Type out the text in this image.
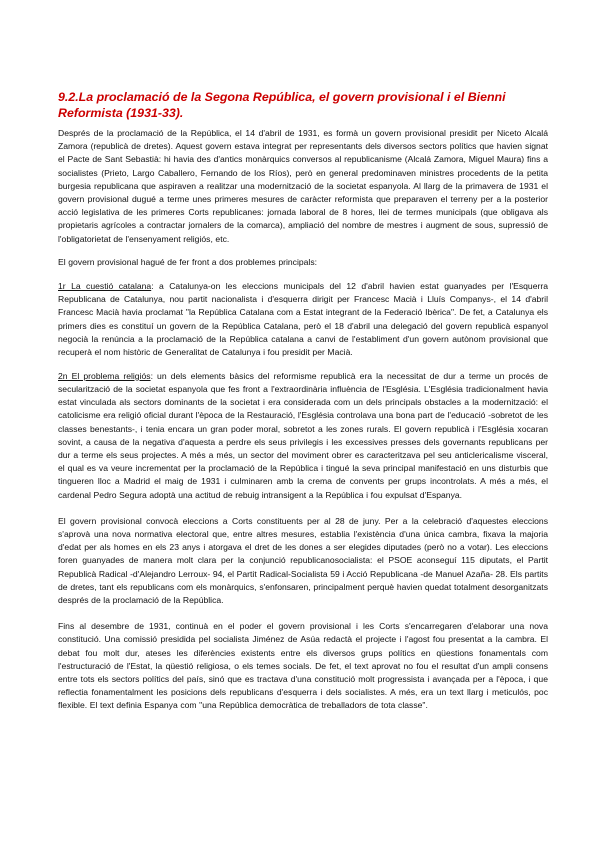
9.2.La proclamació de la Segona República, el govern provisional i el Bienni Reformista (1931-33).

Després de la proclamació de la República, el 14 d'abril de 1931, es formà un govern provisional presidit per Niceto Alcalá Zamora (republicà de dretes). Aquest govern estava integrat per representants dels diversos sectors polítics que havien signat el Pacte de Sant Sebastià: hi havia des d'antics monàrquics conversos al republicanisme (Alcalá Zamora, Miguel Maura) fins a socialistes (Prieto, Largo Caballero, Fernando de los Ríos), però en general predominaven ministres procedents de la petita burgesia republicana que aspiraven a realitzar una modernització de la societat espanyola. Al llarg de la primavera de 1931 el govern provisional dugué a terme unes primeres mesures de caràcter reformista que preparaven el terreny per a la posterior acció legislativa de les primeres Corts republicanes: jornada laboral de 8 hores, llei de termes municipals (que obligava als propietaris agrícoles a contractar jornalers de la comarca), ampliació del nombre de mestres i augment de sous, supressió de l'obligatorietat de l'ensenyament religiós, etc.

El govern provisional hagué de fer front a dos problemes principals:

1r La cuestió catalana: a Catalunya-on les eleccions municipals del 12 d'abril havien estat guanyades per l'Esquerra Republicana de Catalunya, nou partit nacionalista i d'esquerra dirigit per Francesc Macià i Lluís Companys-, el 14 d'abril Francesc Macià havia proclamat "la República Catalana com a Estat integrant de la Federació Ibèrica". De fet, a Catalunya els primers dies es constituí un govern de la República Catalana, però el 18 d'abril una delegació del govern republicà espanyol negocià la renúncia a la proclamació de la República catalana a canvi de l'establiment d'un govern autònom provisional que recuperà el nom històric de Generalitat de Catalunya i fou presidit per Macià.

2n El problema religiós: un dels elements bàsics del reformisme republicà era la necessitat de dur a terme un procés de secularització de la societat espanyola que fes front a l'extraordinària influència de l'Església. L'Església tradicionalment havia estat vinculada als sectors dominants de la societat i era considerada com un dels principals obstacles a la modernització: el catolicisme era religió oficial durant l'època de la Restauració, l'Església controlava una bona part de l'educació -sobretot de les classes benestants-, i tenia encara un gran poder moral, sobretot a les zones rurals. El govern republicà i l'Església xocaran sovint, a causa de la negativa d'aquesta a perdre els seus privilegis i les excessives presses dels governants republicans per dur a terme els seus projectes. A més a més, un sector del moviment obrer es caracteritzava pel seu anticlericalisme visceral, el qual es va veure incrementat per la proclamació de la República i tingué la seva principal manifestació en uns disturbis que tingueren lloc a Madrid el maig de 1931 i culminaren amb la crema de convents per grups incontrolats. A més a més, el cardenal Pedro Segura adoptà una actitud de rebuig intransigent a la República i fou expulsat d'Espanya.

El govern provisional convocà eleccions a Corts constituents per al 28 de juny. Per a la celebració d'aquestes eleccions s'aprovà una nova normativa electoral que, entre altres mesures, establia l'existència d'una única cambra, fixava la majoria d'edat per als homes en els 23 anys i atorgava el dret de les dones a ser elegides diputades (però no a votar). Les eleccions foren guanyades de manera molt clara per la conjunció republicanosocialista: el PSOE aconseguí 115 diputats, el Partit Republicà Radical -d'Alejandro Lerroux- 94, el Partit Radical-Socialista 59 i Acció Republicana -de Manuel Azaña- 28. Els partits de dretes, tant els republicans com els monàrquics, s'enfonsaren, principalment perquè havien quedat totalment desorganitzats després de la proclamació de la República.

Fins al desembre de 1931, continuà en el poder el govern provisional i les Corts s'encarregaren d'elaborar una nova constitució. Una comissió presidida pel socialista Jiménez de Asúa redactà el projecte i l'agost fou presentat a la cambra. El debat fou molt dur, ateses les diferències existents entre els diversos grups polítics en qüestions fonamentals com l'estructuració de l'Estat, la qüestió religiosa, o els temes socials. De fet, el text aprovat no fou el resultat d'un ampli consens entre tots els sectors polítics del país, sinó que es tractava d'una constitució molt progressista i avançada per a l'època, i que reflectia fonamentalment les posicions dels republicans d'esquerra i dels socialistes. A més, era un text llarg i meticulós, poc flexible. El text definia Espanya com "una República democràtica de treballadors de tota classe".
